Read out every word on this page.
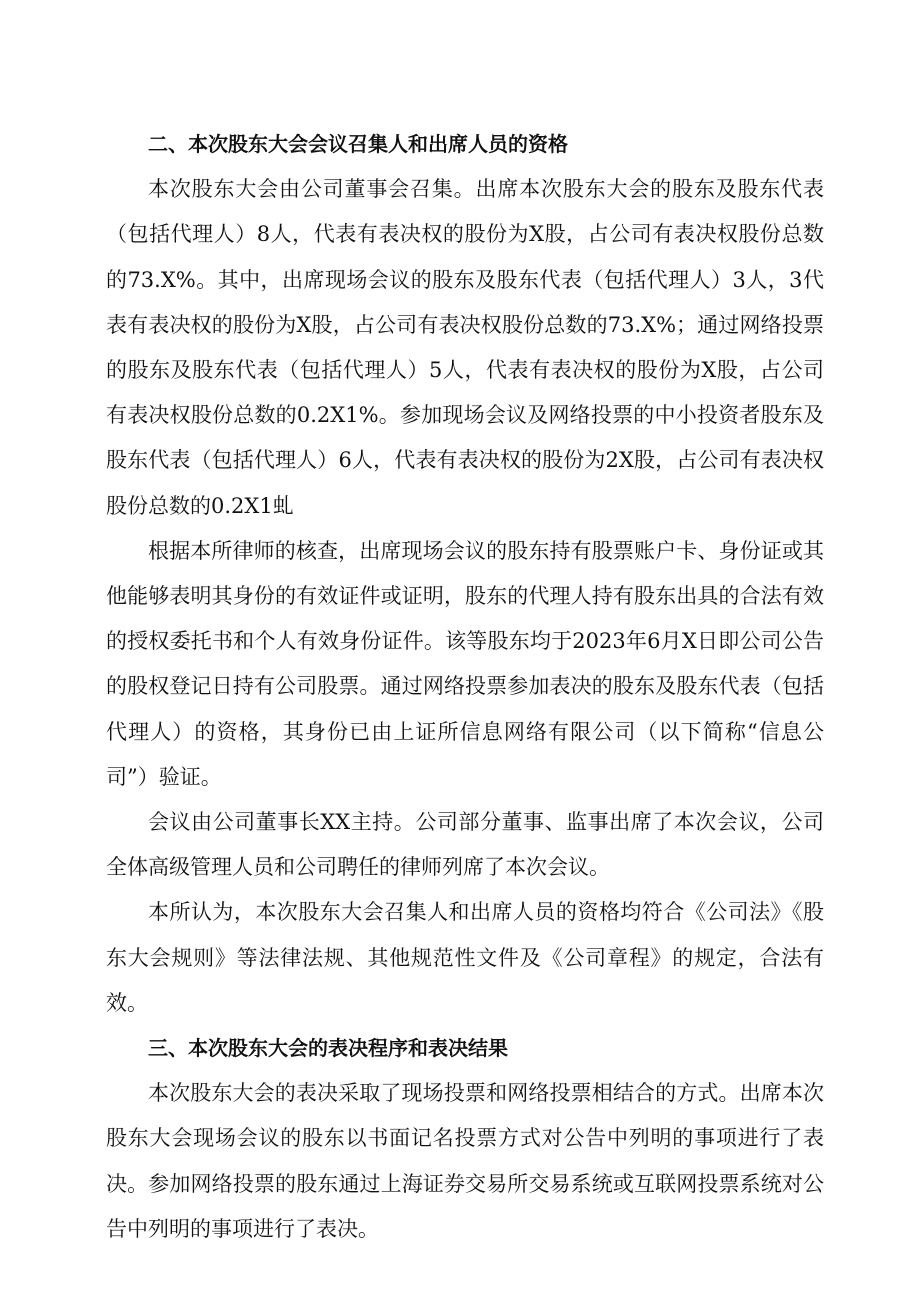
二、本次股东大会会议召集人和出席人员的资格

本次股东大会由公司董事会召集。出席本次股东大会的股东及股东代表（包括代理人）8人，代表有表决权的股份为X股，占公司有表决权股份总数的73.X%。其中，出席现场会议的股东及股东代表（包括代理人）3人，3代表有表决权的股份为X股，占公司有表决权股份总数的73.X%；通过网络投票的股东及股东代表（包括代理人）5人，代表有表决权的股份为X股，占公司有表决权股份总数的0.2X1%。参加现场会议及网络投票的中小投资者股东及股东代表（包括代理人）6人，代表有表决权的股份为2X股，占公司有表决权股份总数的0.2X1虬

根据本所律师的核查，出席现场会议的股东持有股票账户卡、身份证或其他能够表明其身份的有效证件或证明，股东的代理人持有股东出具的合法有效的授权委托书和个人有效身份证件。该等股东均于2023年6月X日即公司公告的股权登记日持有公司股票。通过网络投票参加表决的股东及股东代表（包括代理人）的资格，其身份已由上证所信息网络有限公司（以下简称“信息公司”）验证。

会议由公司董事长XX主持。公司部分董事、监事出席了本次会议，公司全体高级管理人员和公司聘任的律师列席了本次会议。

本所认为，本次股东大会召集人和出席人员的资格均符合《公司法》《股东大会规则》等法律法规、其他规范性文件及《公司章程》的规定，合法有效。

三、本次股东大会的表决程序和表决结果

本次股东大会的表决采取了现场投票和网络投票相结合的方式。出席本次股东大会现场会议的股东以书面记名投票方式对公告中列明的事项进行了表决。参加网络投票的股东通过上海证券交易所交易系统或互联网投票系统对公告中列明的事项进行了表决。
